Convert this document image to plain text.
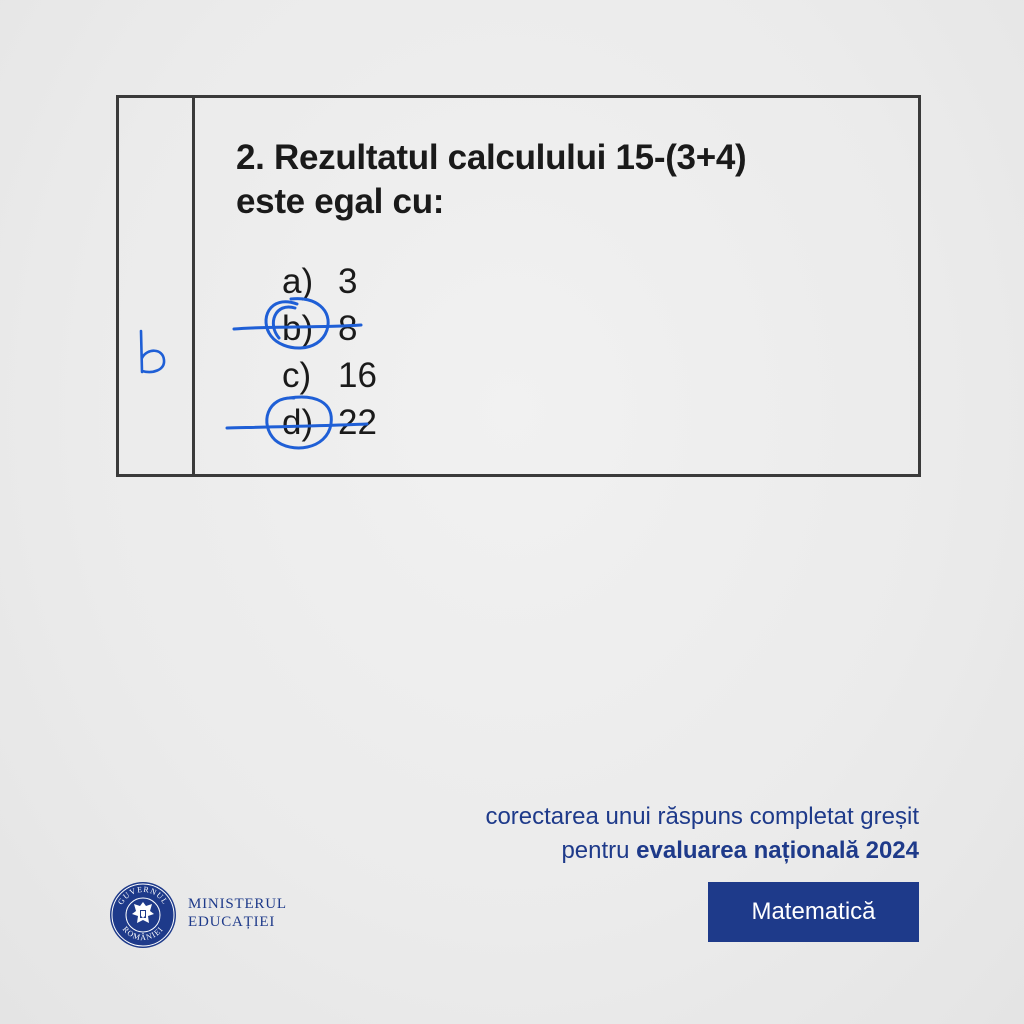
2. Rezultatul calculului 15-(3+4)
este egal cu:
a) 3
b) 8
c) 16
d) 22
corectarea unui răspuns completat greșit
pentru evaluarea națională 2024
Matematică
GUVERNUL
ROMÂNIEI
MINISTERUL
EDUCAȚIEI
